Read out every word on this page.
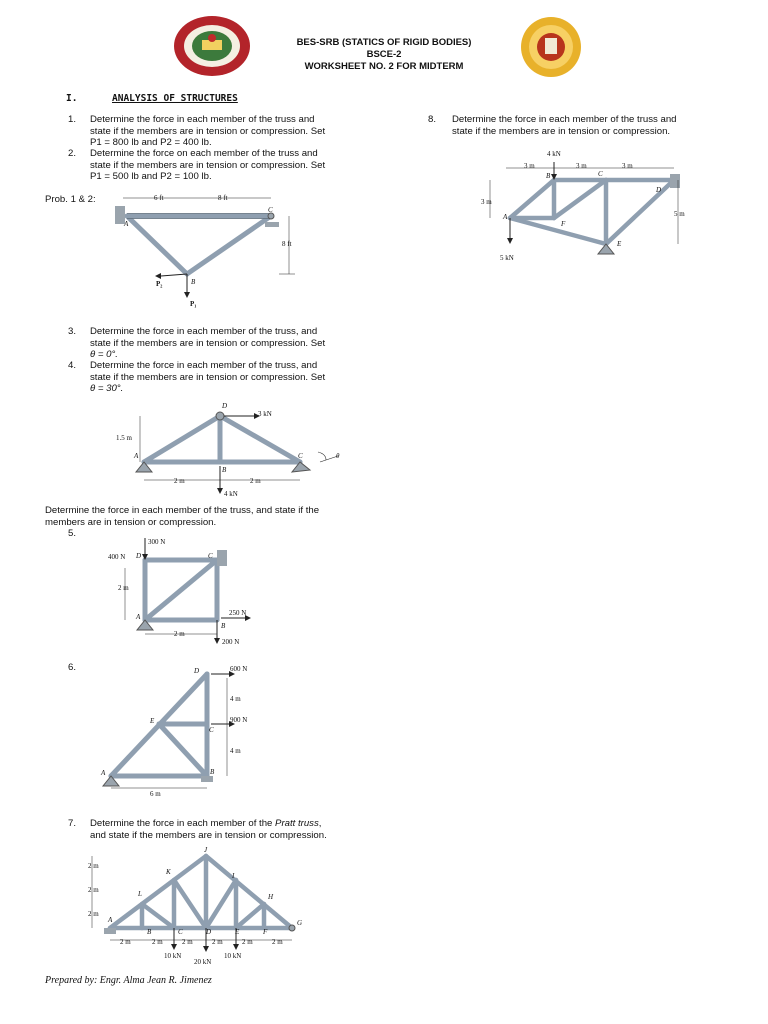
BES-SRB (STATICS OF RIGID BODIES)
BSCE-2
WORKSHEET NO. 2 FOR MIDTERM
I.	ANALYSIS OF STRUCTURES
1. Determine the force in each member of the truss and
state if the members are in tension or compression. Set
P1 = 800 lb and P2 = 400 lb.
2. Determine the force on each member of the truss and
state if the members are in tension or compression. Set
P1 = 500 lb and P2 = 100 lb.
Prob. 1 & 2:	6 ft	8 ft
8 ft
A
B
C
P₁
P₂
3. Determine the force in each member of the truss, and
state if the members are in tension or compression. Set
θ = 0°.
4. Determine the force in each member of the truss, and
state if the members are in tension or compression. Set
θ = 30°.
D
3 kN
1.5 m
A
B
C	θ
2 m	2 m
4 kN
Determine the force in each member of the truss, and state if the
members are in tension or compression.
5.
300 N
400 N D	C
2 m
250 N
A
B
2 m
200 N
6.	D	600 N
4 m
E	900 N
C
4 m
B
A
6 m
7. Determine the force in each member of the Pratt truss,
and state if the members are in tension or compression.
J
K	I
L	H
A	G
B	C	D	E	F
2 m
2 m
2 m
2 m	2 m	2 m	2 m	2 m	2 m
10 kN
20 kN
10 kN
8. Determine the force in each member of the truss and
state if the members are in tension or compression.
4 kN
3 m	3 m	3 m
B	C
D
3 m
5 m
A
F
E
5 kN
Prepared by: Engr. Alma Jean R. Jimenez
